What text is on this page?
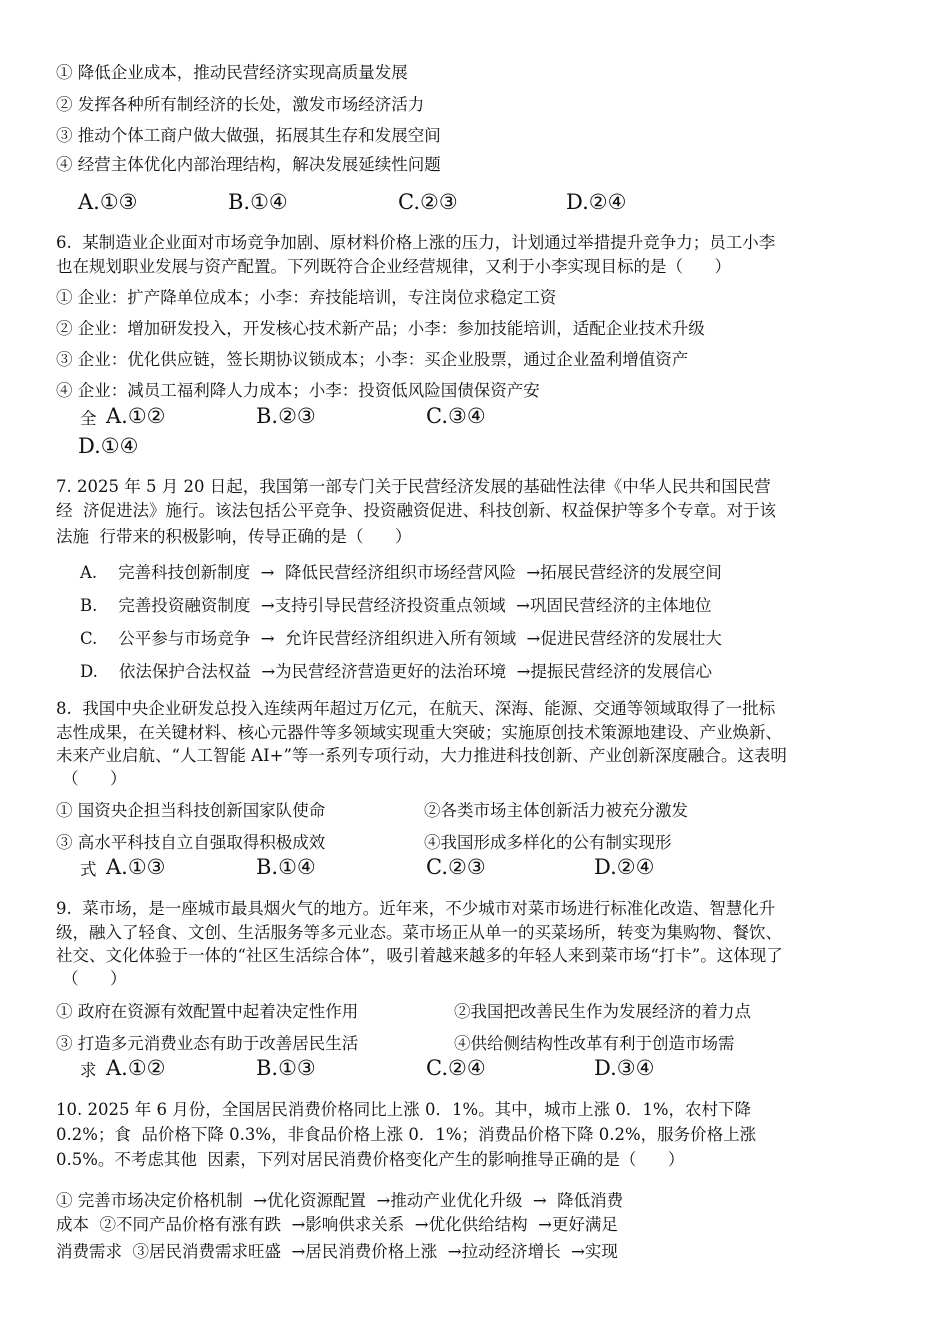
① 降低企业成本，推动民营经济实现高质量发展
② 发挥各种所有制经济的长处，激发市场经济活力
③ 推动个体工商户做大做强，拓展其生存和发展空间
④ 经营主体优化内部治理结构，解决发展延续性问题
A.①③	B.①④	C.②③	D.②④
6.  某制造业企业面对市场竞争加剧、原材料价格上涨的压力，计划通过举措提升竞争力；员工小李
也在规划职业发展与资产配置。下列既符合企业经营规律，又利于小李实现目标的是（      ）
① 企业：扩产降单位成本；小李：弃技能培训，专注岗位求稳定工资
② 企业：增加研发投入，开发核心技术新产品；小李：参加技能培训，适配企业技术升级
③ 企业：优化供应链，签长期协议锁成本；小李：买企业股票，通过企业盈利增值资产
④ 企业：减员工福利降人力成本；小李：投资低风险国债保资产安
全 A.①②	B.②③	C.③④
D.①④
7. 2025 年 5 月 20 日起，我国第一部专门关于民营经济发展的基础性法律《中华人民共和国民营
经  济促进法》施行。该法包括公平竞争、投资融资促进、科技创新、权益保护等多个专章。对于该
法施  行带来的积极影响，传导正确的是（      ）
A.    完善科技创新制度  →  降低民营经济组织市场经营风险  →拓展民营经济的发展空间
B.    完善投资融资制度  →支持引导民营经济投资重点领域  →巩固民营经济的主体地位
C.    公平参与市场竞争  →  允许民营经济组织进入所有领域  →促进民营经济的发展壮大
D.    依法保护合法权益  →为民营经济营造更好的法治环境  →提振民营经济的发展信心
8.  我国中央企业研发总投入连续两年超过万亿元，在航天、深海、能源、交通等领域取得了一批标
志性成果，在关键材料、核心元器件等多领域实现重大突破；实施原创技术策源地建设、产业焕新、
未来产业启航、“人工智能 AI+”等一系列专项行动，大力推进科技创新、产业创新深度融合。这表明
（      ）
① 国资央企担当科技创新国家队使命	②各类市场主体创新活力被充分激发
③ 高水平科技自立自强取得积极成效	④我国形成多样化的公有制实现形
式 A.①③	B.①④	C.②③	D.②④
9.  菜市场，是一座城市最具烟火气的地方。近年来，不少城市对菜市场进行标准化改造、智慧化升
级，融入了轻食、文创、生活服务等多元业态。菜市场正从单一的买菜场所，转变为集购物、餐饮、
社交、文化体验于一体的“社区生活综合体”，吸引着越来越多的年轻人来到菜市场“打卡”。这体现了
（      ）
① 政府在资源有效配置中起着决定性作用	②我国把改善民生作为发展经济的着力点
③ 打造多元消费业态有助于改善居民生活	④供给侧结构性改革有利于创造市场需
求 A.①②	B.①③	C.②④	D.③④
10. 2025 年 6 月份，全国居民消费价格同比上涨 0．1%。其中，城市上涨 0．1%，农村下降
0.2%；食  品价格下降 0.3%，非食品价格上涨 0．1%；消费品价格下降 0.2%，服务价格上涨
0.5%。不考虑其他  因素，下列对居民消费价格变化产生的影响推导正确的是（      ）
① 完善市场决定价格机制  →优化资源配置  →推动产业优化升级  →  降低消费
成本  ②不同产品价格有涨有跌  →影响供求关系  →优化供给结构  →更好满足
消费需求  ③居民消费需求旺盛  →居民消费价格上涨  →拉动经济增长  →实现
